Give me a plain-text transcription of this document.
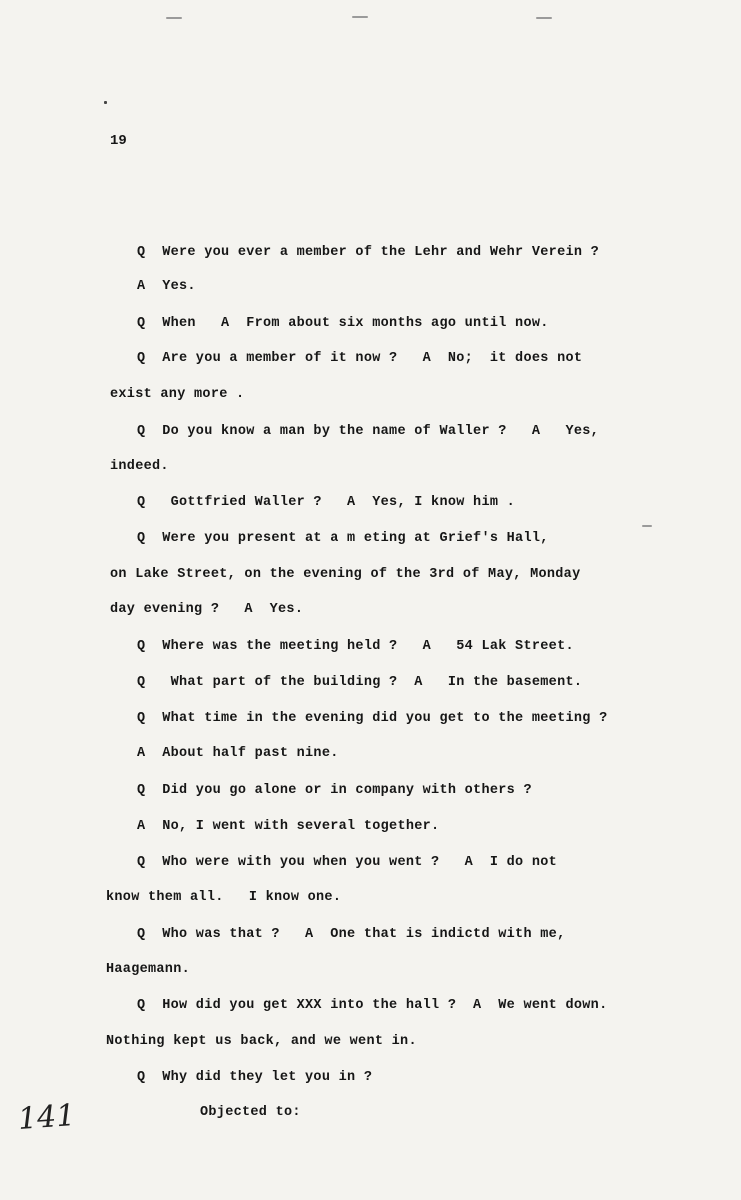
19
Q  Were you ever a member of the Lehr and Wehr Verein ?
A  Yes.
Q  When   A  From about six months ago until now.
Q  Are you a member of it now ?   A  No;  it does not
exist any more .
Q  Do you know a man by the name of Waller ?   A   Yes,
indeed.
Q   Gottfried Waller ?   A  Yes, I know him .
Q  Were you present at a m eting at Grief's Hall,
on Lake Street, on the evening of the 3rd of May, Monday
day evening ?   A  Yes.
Q  Where was the meeting held ?   A   54 Lak Street.
Q   What part of the building ?  A   In the basement.
Q  What time in the evening did you get to the meeting ?
A  About half past nine.
Q  Did you go alone or in company with others ?
A  No, I went with several together.
Q  Who were with you when you went ?   A  I do not
know them all.   I know one.
Q  Who was that ?   A  One that is indictd with me,
Haagemann.
Q  How did you get XXX into the hall ?  A  We went down.
Nothing kept us back, and we went in.
Q  Why did they let you in ?
Objected to:
141
